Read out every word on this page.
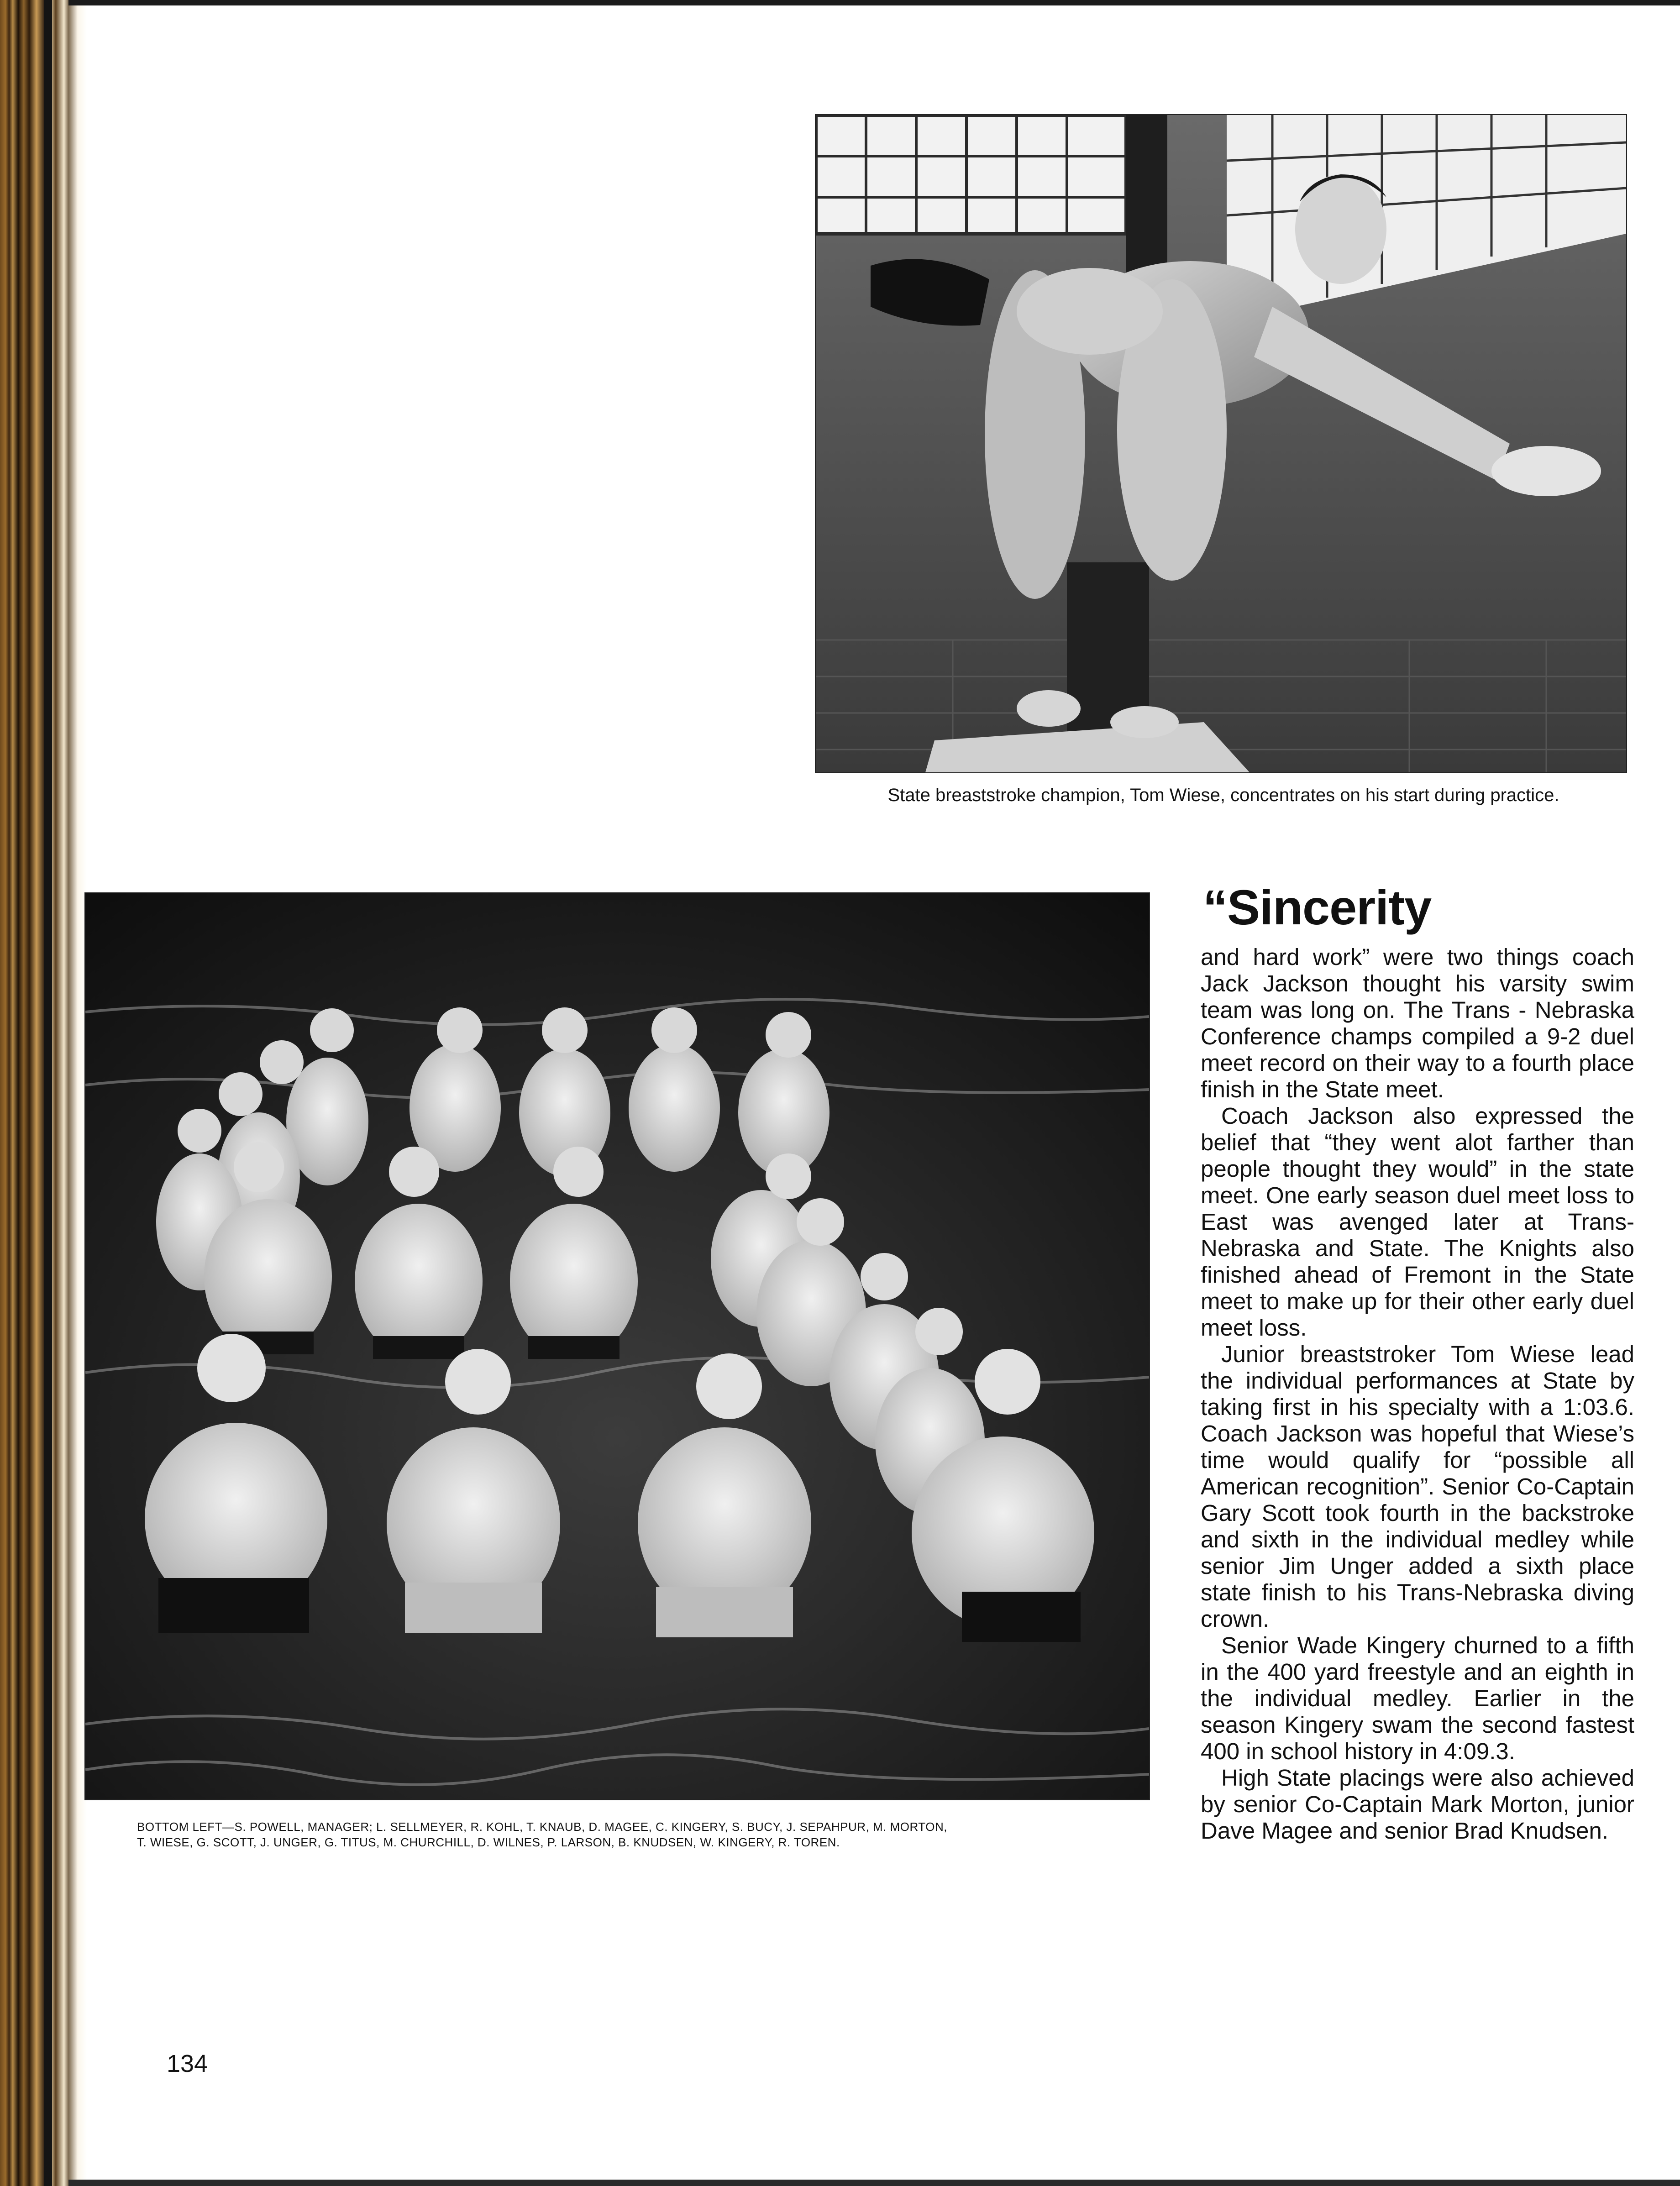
State breaststroke champion, Tom Wiese, concentrates on his start during practice.
BOTTOM LEFT—S. POWELL, MANAGER; L. SELLMEYER, R. KOHL, T. KNAUB, D. MAGEE, C. KINGERY, S. BUCY, J. SEPAHPUR, M. MORTON,
T. WIESE, G. SCOTT, J. UNGER, G. TITUS, M. CHURCHILL, D. WILNES, P. LARSON, B. KNUDSEN, W. KINGERY, R. TOREN.
“Sincerity

and hard work” were two things coach Jack Jackson thought his varsity swim team was long on. The Trans - Nebraska Conference champs compiled a 9-2 duel meet record on their way to a fourth place finish in the State meet.

Coach Jackson also expressed the belief that “they went alot farther than people thought they would” in the state meet. One early season duel meet loss to East was avenged later at Trans-Nebraska and State. The Knights also finished ahead of Fremont in the State meet to make up for their other early duel meet loss.

Junior breaststroker Tom Wiese lead the individual performances at State by taking first in his specialty with a 1:03.6. Coach Jackson was hopeful that Wiese’s time would qualify for “possible all American recognition”. Senior Co-Captain Gary Scott took fourth in the backstroke and sixth in the individual medley while senior Jim Unger added a sixth place state finish to his Trans-Nebraska diving crown.

Senior Wade Kingery churned to a fifth in the 400 yard freestyle and an eighth in the individual medley. Earlier in the season Kingery swam the second fastest 400 in school history in 4:09.3.

High State placings were also achieved by senior Co-Captain Mark Morton, junior Dave Magee and senior Brad Knudsen.

134
